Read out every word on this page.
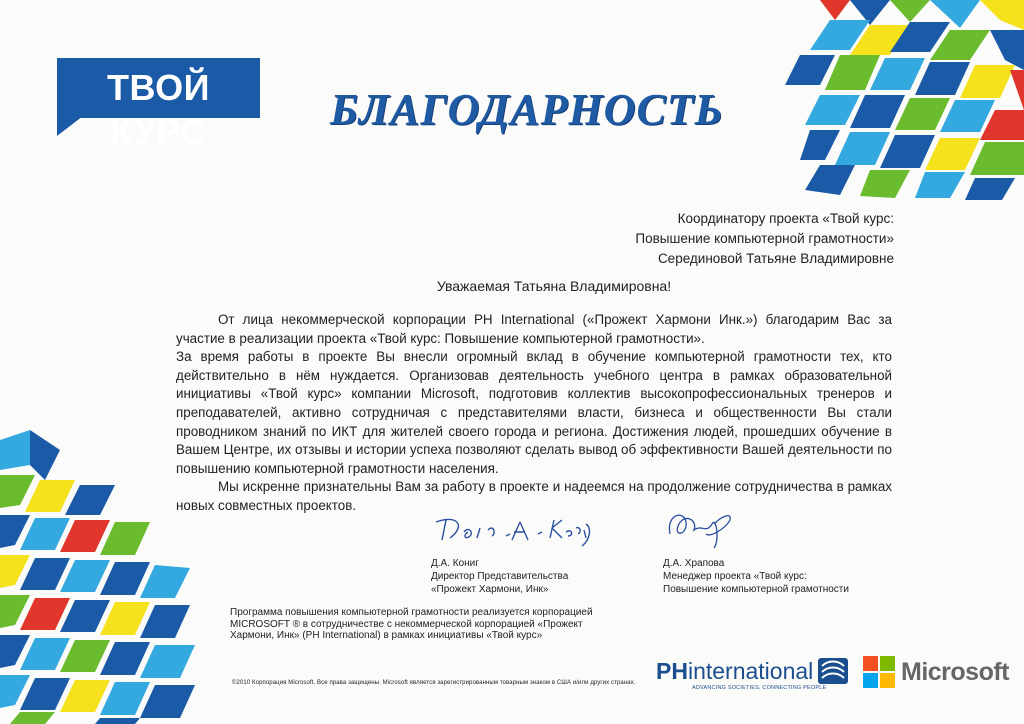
ТВОЙ КУРС	БЛАГОДАРНОСТЬ
Координатору проекта «Твой курс:
Повышение компьютерной грамотности»
Серединовой Татьяне Владимировне
Уважаемая Татьяна Владимировна!

От лица некоммерческой корпорации PH International («Прожект Хармони Инк.») благодарим Вас за участие в реализации проекта «Твой курс: Повышение компьютерной грамотности».

За время работы в проекте Вы внесли огромный вклад в обучение компьютерной грамотности тех, кто действительно в нём нуждается. Организовав деятельность учебного центра в рамках образовательной инициативы «Твой курс» компании Microsoft, подготовив коллектив высокопрофессиональных тренеров и преподавателей, активно сотрудничая с представителями власти, бизнеса и общественности Вы стали проводником знаний по ИКТ для жителей своего города и региона. Достижения людей, прошедших обучение в Вашем Центре, их отзывы и истории успеха позволяют сделать вывод об эффективности Вашей деятельности по повышению компьютерной грамотности населения.

Мы искренне признательны Вам за работу в проекте и надеемся на продолжение сотрудничества в рамках новых совместных проектов.

Д.А. Кониг
Директор Представительства
«Прожект Хармони, Инк»
Д.А. Храпова
Менеджер проекта «Твой курс:
Повышение компьютерной грамотности
Программа повышения компьютерной грамотности реализуется корпорацией MICROSOFT ® в сотрудничестве с некоммерческой корпорацией «Прожект Хармони, Инк» (PH International) в рамках инициативы «Твой курс»
©2010 Корпорация Microsoft. Все права защищены. Microsoft является зарегистрированным товарным знаком в США и/или других странах. PHinternational
ADVANCING SOCIETIES, CONNECTING PEOPLE
Microsoft
